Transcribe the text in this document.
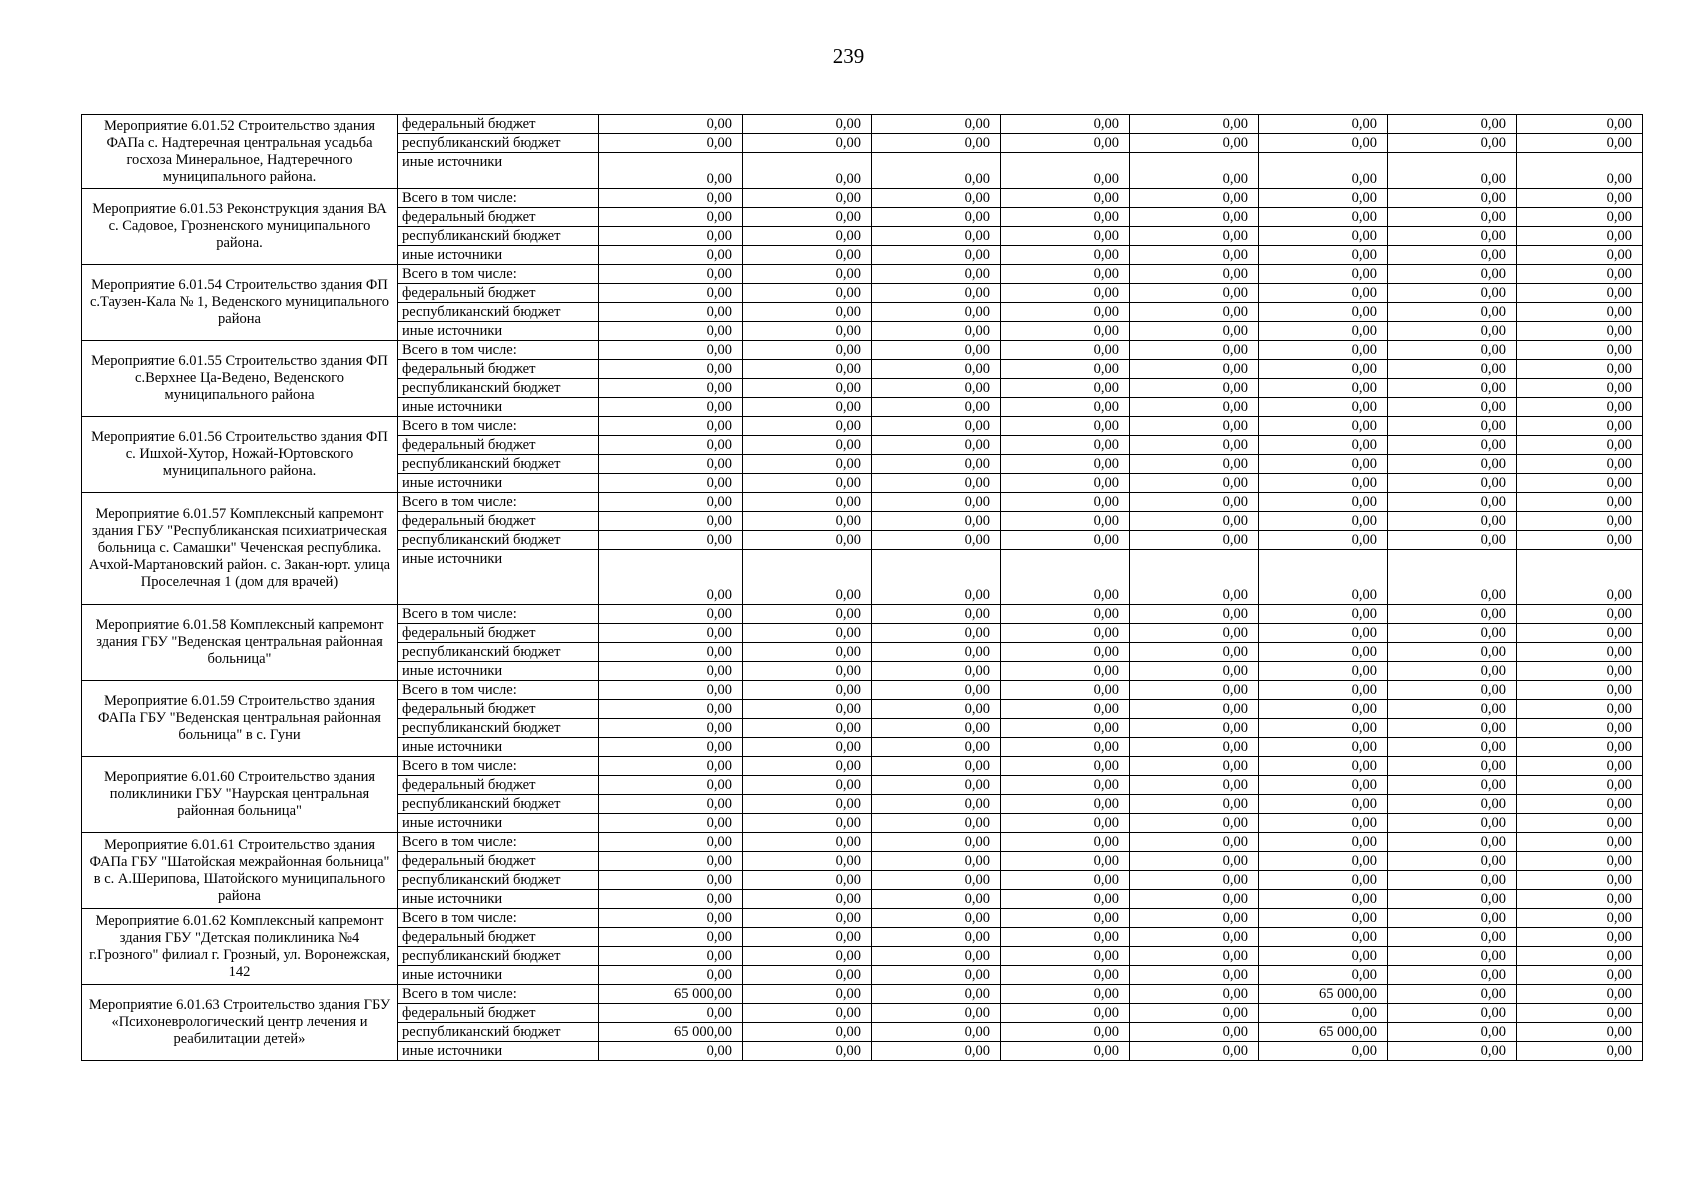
239
Мероприятие 6.01.52 Строительство здания ФАПа с. Надтеречная центральная усадьба госхоза Минеральное, Надтеречного муниципального района.	федеральный бюджет	0,00	0,00	0,00	0,00	0,00	0,00	0,00	0,00
	республиканский бюджет	0,00	0,00	0,00	0,00	0,00	0,00	0,00	0,00
	иные источники	0,00	0,00	0,00	0,00	0,00	0,00	0,00	0,00
Мероприятие 6.01.53 Реконструкция здания ВА с. Садовое, Грозненского муниципального района.	Всего в том числе:	0,00	0,00	0,00	0,00	0,00	0,00	0,00	0,00
	федеральный бюджет	0,00	0,00	0,00	0,00	0,00	0,00	0,00	0,00
	республиканский бюджет	0,00	0,00	0,00	0,00	0,00	0,00	0,00	0,00
	иные источники	0,00	0,00	0,00	0,00	0,00	0,00	0,00	0,00
Мероприятие 6.01.54 Строительство здания ФП с.Таузен-Кала № 1, Веденского муниципального района	Всего в том числе:	0,00	0,00	0,00	0,00	0,00	0,00	0,00	0,00
	федеральный бюджет	0,00	0,00	0,00	0,00	0,00	0,00	0,00	0,00
	республиканский бюджет	0,00	0,00	0,00	0,00	0,00	0,00	0,00	0,00
	иные источники	0,00	0,00	0,00	0,00	0,00	0,00	0,00	0,00
Мероприятие 6.01.55 Строительство здания ФП с.Верхнее Ца-Ведено, Веденского муниципального района	Всего в том числе:	0,00	0,00	0,00	0,00	0,00	0,00	0,00	0,00
	федеральный бюджет	0,00	0,00	0,00	0,00	0,00	0,00	0,00	0,00
	республиканский бюджет	0,00	0,00	0,00	0,00	0,00	0,00	0,00	0,00
	иные источники	0,00	0,00	0,00	0,00	0,00	0,00	0,00	0,00
Мероприятие 6.01.56 Строительство здания ФП с. Ишхой-Хутор, Ножай-Юртовского муниципального района.	Всего в том числе:	0,00	0,00	0,00	0,00	0,00	0,00	0,00	0,00
	федеральный бюджет	0,00	0,00	0,00	0,00	0,00	0,00	0,00	0,00
	республиканский бюджет	0,00	0,00	0,00	0,00	0,00	0,00	0,00	0,00
	иные источники	0,00	0,00	0,00	0,00	0,00	0,00	0,00	0,00
Мероприятие 6.01.57 Комплексный капремонт здания ГБУ "Республиканская психиатрическая больница с. Самашки" Чеченская республика. Ачхой-Мартановский район. с. Закан-юрт. улица Проселечная 1 (дом для врачей)	Всего в том числе:	0,00	0,00	0,00	0,00	0,00	0,00	0,00	0,00
	федеральный бюджет	0,00	0,00	0,00	0,00	0,00	0,00	0,00	0,00
	республиканский бюджет	0,00	0,00	0,00	0,00	0,00	0,00	0,00	0,00
	иные источники	0,00	0,00	0,00	0,00	0,00	0,00	0,00	0,00
Мероприятие 6.01.58 Комплексный капремонт здания ГБУ "Веденская центральная районная больница"	Всего в том числе:	0,00	0,00	0,00	0,00	0,00	0,00	0,00	0,00
	федеральный бюджет	0,00	0,00	0,00	0,00	0,00	0,00	0,00	0,00
	республиканский бюджет	0,00	0,00	0,00	0,00	0,00	0,00	0,00	0,00
	иные источники	0,00	0,00	0,00	0,00	0,00	0,00	0,00	0,00
Мероприятие 6.01.59 Строительство здания ФАПа ГБУ "Веденская центральная районная больница" в с. Гуни	Всего в том числе:	0,00	0,00	0,00	0,00	0,00	0,00	0,00	0,00
	федеральный бюджет	0,00	0,00	0,00	0,00	0,00	0,00	0,00	0,00
	республиканский бюджет	0,00	0,00	0,00	0,00	0,00	0,00	0,00	0,00
	иные источники	0,00	0,00	0,00	0,00	0,00	0,00	0,00	0,00
Мероприятие 6.01.60 Строительство здания поликлиники ГБУ "Наурская центральная районная больница"	Всего в том числе:	0,00	0,00	0,00	0,00	0,00	0,00	0,00	0,00
	федеральный бюджет	0,00	0,00	0,00	0,00	0,00	0,00	0,00	0,00
	республиканский бюджет	0,00	0,00	0,00	0,00	0,00	0,00	0,00	0,00
	иные источники	0,00	0,00	0,00	0,00	0,00	0,00	0,00	0,00
Мероприятие 6.01.61 Строительство здания ФАПа ГБУ "Шатойская межрайонная больница" в с. А.Шерипова, Шатойского муниципального района	Всего в том числе:	0,00	0,00	0,00	0,00	0,00	0,00	0,00	0,00
	федеральный бюджет	0,00	0,00	0,00	0,00	0,00	0,00	0,00	0,00
	республиканский бюджет	0,00	0,00	0,00	0,00	0,00	0,00	0,00	0,00
	иные источники	0,00	0,00	0,00	0,00	0,00	0,00	0,00	0,00
Мероприятие 6.01.62 Комплексный капремонт здания ГБУ "Детская поликлиника №4 г.Грозного" филиал г. Грозный, ул. Воронежская, 142	Всего в том числе:	0,00	0,00	0,00	0,00	0,00	0,00	0,00	0,00
	федеральный бюджет	0,00	0,00	0,00	0,00	0,00	0,00	0,00	0,00
	республиканский бюджет	0,00	0,00	0,00	0,00	0,00	0,00	0,00	0,00
	иные источники	0,00	0,00	0,00	0,00	0,00	0,00	0,00	0,00
Мероприятие 6.01.63 Строительство здания ГБУ «Психоневрологический центр лечения и реабилитации детей»	Всего в том числе:	65 000,00	0,00	0,00	0,00	0,00	65 000,00	0,00	0,00
	федеральный бюджет	0,00	0,00	0,00	0,00	0,00	0,00	0,00	0,00
	республиканский бюджет	65 000,00	0,00	0,00	0,00	0,00	65 000,00	0,00	0,00
	иные источники	0,00	0,00	0,00	0,00	0,00	0,00	0,00	0,00
